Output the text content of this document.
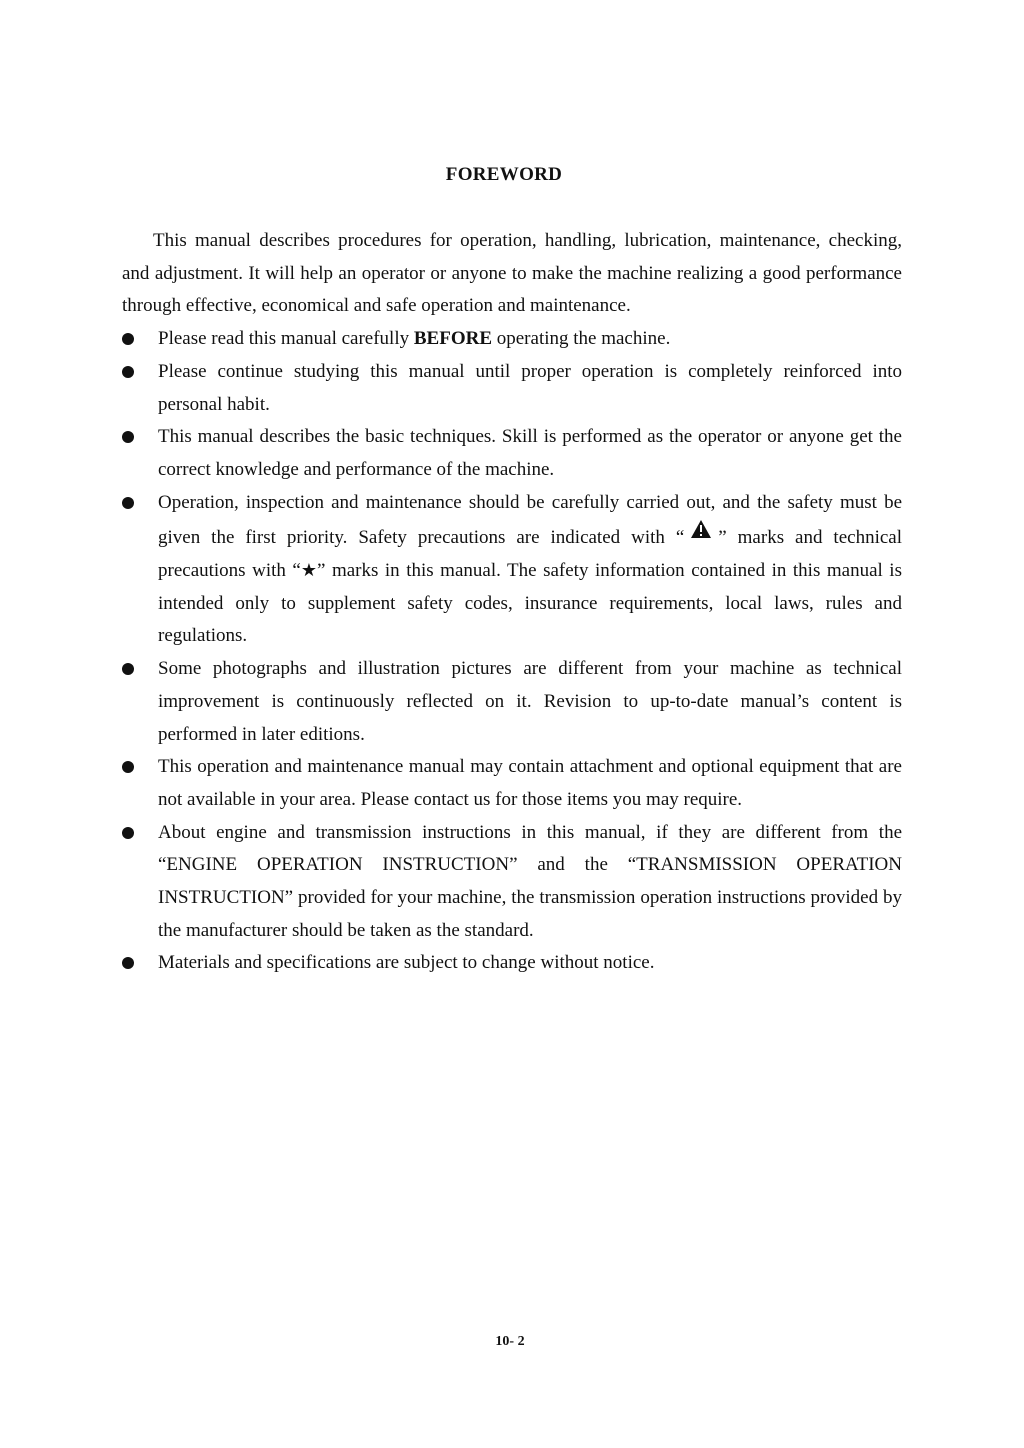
FOREWORD

This manual describes procedures for operation, handling, lubrication, maintenance, checking, and adjustment. It will help an operator or anyone to make the machine realizing a good performance through effective, economical and safe operation and maintenance.

Please read this manual carefully BEFORE operating the machine.
Please continue studying this manual until proper operation is completely reinforced into personal habit.
This manual describes the basic techniques. Skill is performed as the operator or anyone get the correct knowledge and performance of the machine.
Operation, inspection and maintenance should be carefully carried out, and the safety must be given the first priority. Safety precautions are indicated with “ ” marks and technical precautions with “★” marks in this manual. The safety information contained in this manual is intended only to supplement safety codes, insurance requirements, local laws, rules and regulations.
Some photographs and illustration pictures are different from your machine as technical improvement is continuously reflected on it. Revision to up-to-date manual’s content is performed in later editions.
This operation and maintenance manual may contain attachment and optional equipment that are not available in your area. Please contact us for those items you may require.
About engine and transmission instructions in this manual, if they are different from the “ENGINE OPERATION INSTRUCTION” and the “TRANSMISSION OPERATION INSTRUCTION” provided for your machine, the transmission operation instructions provided by the manufacturer should be taken as the standard.
Materials and specifications are subject to change without notice.
10- 2
